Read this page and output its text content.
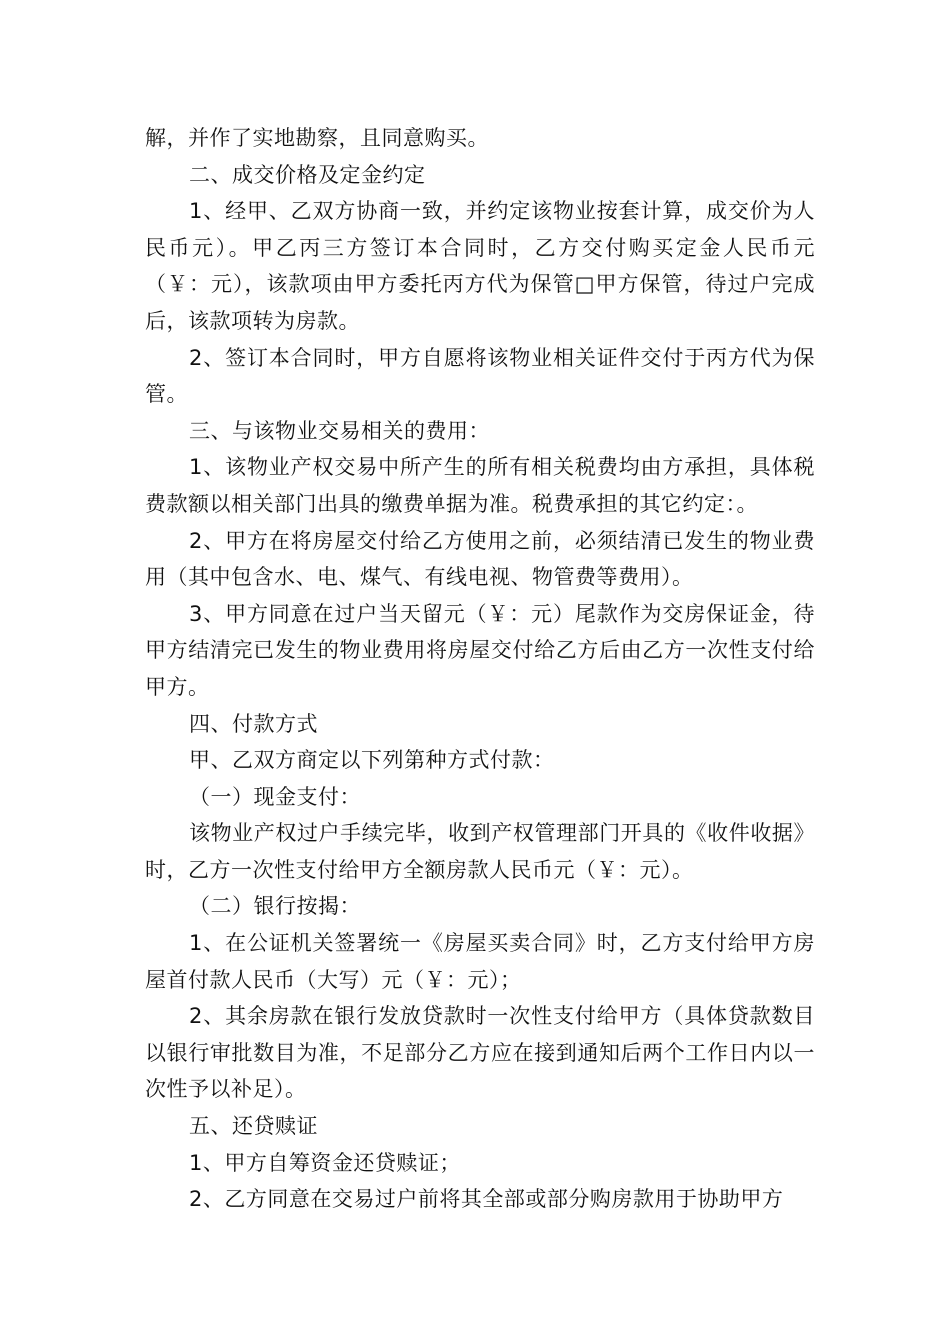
解，并作了实地勘察，且同意购买。

二、成交价格及定金约定

1、经甲、乙双方协商一致，并约定该物业按套计算，成交价为人民币元）。甲乙丙三方签订本合同时，乙方交付购买定金人民币元（￥：元），该款项由甲方委托丙方代为保管□甲方保管，待过户完成后，该款项转为房款。

2、签订本合同时，甲方自愿将该物业相关证件交付于丙方代为保管。

三、与该物业交易相关的费用：

1、该物业产权交易中所产生的所有相关税费均由方承担，具体税费款额以相关部门出具的缴费单据为准。税费承担的其它约定：。

2、甲方在将房屋交付给乙方使用之前，必须结清已发生的物业费用（其中包含水、电、煤气、有线电视、物管费等费用）。

3、甲方同意在过户当天留元（￥：元）尾款作为交房保证金，待甲方结清完已发生的物业费用将房屋交付给乙方后由乙方一次性支付给甲方。

四、付款方式

甲、乙双方商定以下列第种方式付款：

（一）现金支付：

该物业产权过户手续完毕，收到产权管理部门开具的《收件收据》时，乙方一次性支付给甲方全额房款人民币元（￥：元）。

（二）银行按揭：

1、在公证机关签署统一《房屋买卖合同》时，乙方支付给甲方房屋首付款人民币（大写）元（￥：元）；

2、其余房款在银行发放贷款时一次性支付给甲方（具体贷款数目以银行审批数目为准，不足部分乙方应在接到通知后两个工作日内以一次性予以补足）。

五、还贷赎证

1、甲方自筹资金还贷赎证；

2、乙方同意在交易过户前将其全部或部分购房款用于协助甲方
